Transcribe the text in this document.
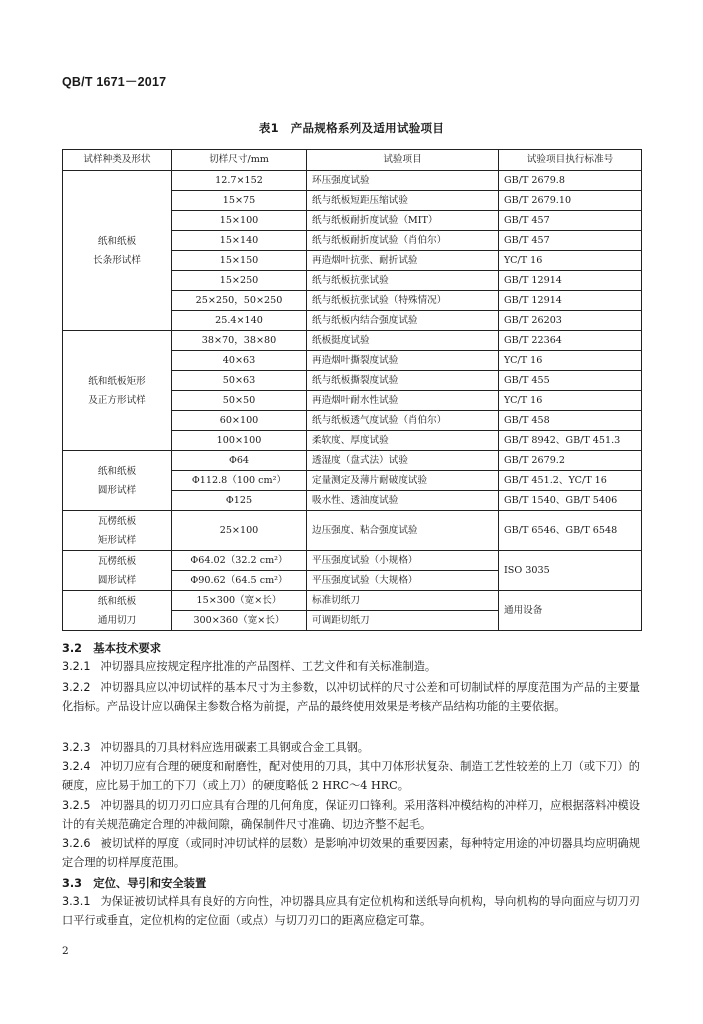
QB/T 1671－2017
表1　产品规格系列及适用试验项目
试样种类及形状	切样尺寸/mm	试验项目	试验项目执行标准号

纸和纸板
长条形试样	12.7×152	环压强度试验	GB/T 2679.8
	15×75	纸与纸板短距压缩试验	GB/T 2679.10
	15×100	纸与纸板耐折度试验（MIT）	GB/T 457
	15×140	纸与纸板耐折度试验（肖伯尔）	GB/T 457
	15×150	再造烟叶抗张、耐折试验	YC/T 16
	15×250	纸与纸板抗张试验	GB/T 12914
	25×250，50×250	纸与纸板抗张试验（特殊情况）	GB/T 12914
	25.4×140	纸与纸板内结合强度试验	GB/T 26203

纸和纸板矩形
及正方形试样	38×70，38×80	纸板挺度试验	GB/T 22364
	40×63	再造烟叶撕裂度试验	YC/T 16
	50×63	纸与纸板撕裂度试验	GB/T 455
	50×50	再造烟叶耐水性试验	YC/T 16
	60×100	纸与纸板透气度试验（肖伯尔）	GB/T 458
	100×100	柔软度、厚度试验	GB/T 8942、GB/T 451.3

纸和纸板
圆形试样	Φ64	透湿度（盘式法）试验	GB/T 2679.2
	Φ112.8（100 cm²）	定量测定及薄片耐破度试验	GB/T 451.2、YC/T 16
	Φ125	吸水性、透油度试验	GB/T 1540、GB/T 5406

瓦楞纸板
矩形试样	25×100	边压强度、粘合强度试验	GB/T 6546、GB/T 6548

瓦楞纸板
圆形试样	Φ64.02（32.2 cm²）	平压强度试验（小规格）	ISO 3035
	Φ90.62（64.5 cm²）	平压强度试验（大规格）	

纸和纸板
通用切刀	15×300（宽×长）	标准切纸刀	通用设备
	300×360（宽×长）	可调距切纸刀	
3.2　基本技术要求
3.2.1 冲切器具应按规定程序批准的产品图样、工艺文件和有关标准制造。
3.2.2 冲切器具应以冲切试样的基本尺寸为主参数，以冲切试样的尺寸公差和可切制试样的厚度范围为产品的主要量化指标。产品设计应以确保主参数合格为前提，产品的最终使用效果是考核产品结构功能的主要依据。
3.2.3 冲切器具的刀具材料应选用碳素工具钢或合金工具钢。
3.2.4 冲切刀应有合理的硬度和耐磨性，配对使用的刀具，其中刀体形状复杂、制造工艺性较差的上刀（或下刀）的硬度，应比易于加工的下刀（或上刀）的硬度略低 2 HRC～4 HRC。
3.2.5 冲切器具的切刀刃口应具有合理的几何角度，保证刃口锋利。采用落料冲模结构的冲样刀，应根据落料冲模设计的有关规范确定合理的冲裁间隙，确保制件尺寸准确、切边齐整不起毛。
3.2.6 被切试样的厚度（或同时冲切试样的层数）是影响冲切效果的重要因素，每种特定用途的冲切器具均应明确规定合理的切样厚度范围。
3.3　定位、导引和安全装置
3.3.1 为保证被切试样具有良好的方向性，冲切器具应具有定位机构和送纸导向机构，导向机构的导向面应与切刀刃口平行或垂直，定位机构的定位面（或点）与切刀刃口的距离应稳定可靠。
2
